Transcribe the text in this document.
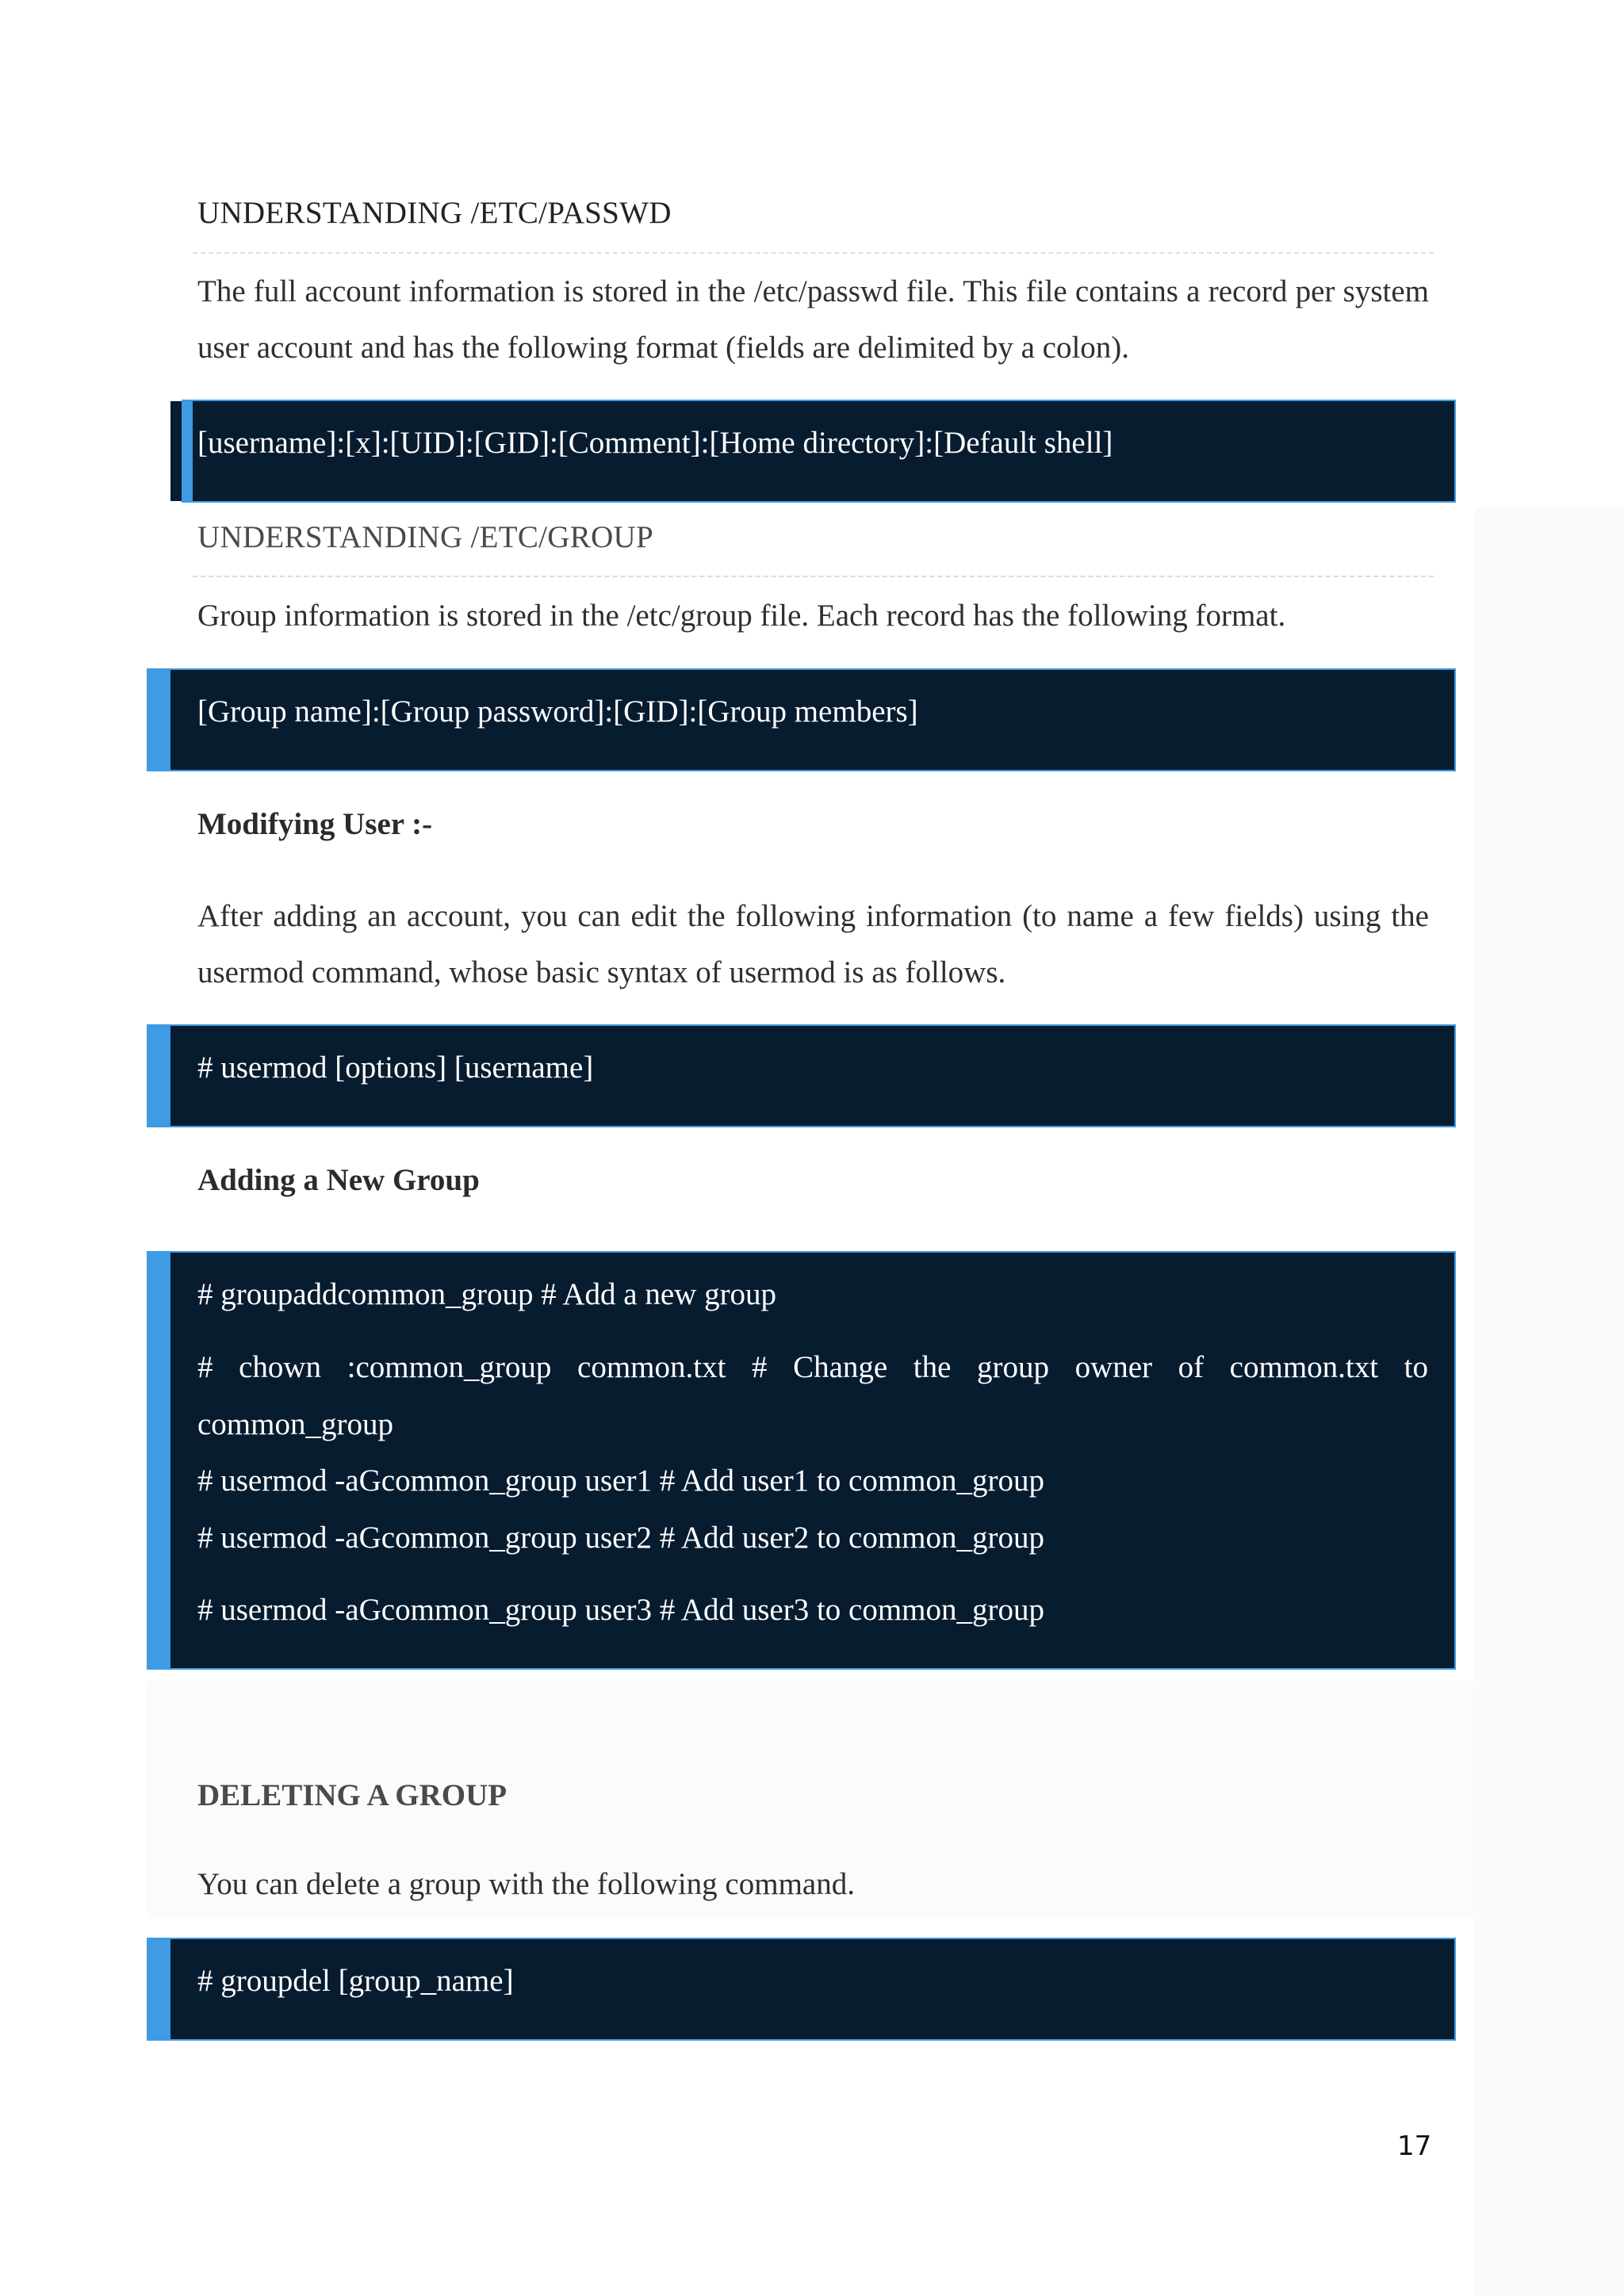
UNDERSTANDING /ETC/PASSWD
The full account information is stored in the /etc/passwd file. This file contains a record per system user account and has the following format (fields are delimited by a colon).
[username]:[x]:[UID]:[GID]:[Comment]:[Home directory]:[Default shell]
UNDERSTANDING /ETC/GROUP
Group information is stored in the /etc/group file. Each record has the following format.
[Group name]:[Group password]:[GID]:[Group members]
Modifying User :-
After adding an account, you can edit the following information (to name a few fields) using the usermod command, whose basic syntax of usermod is as follows.
# usermod [options] [username]
Adding a New Group
# groupaddcommon_group # Add a new group
# chown :common_group common.txt # Change the group owner of common.txt to
common_group
# usermod -aGcommon_group user1 # Add user1 to common_group
# usermod -aGcommon_group user2 # Add user2 to common_group
# usermod -aGcommon_group user3 # Add user3 to common_group
DELETING A GROUP
You can delete a group with the following command.
# groupdel [group_name]
17
